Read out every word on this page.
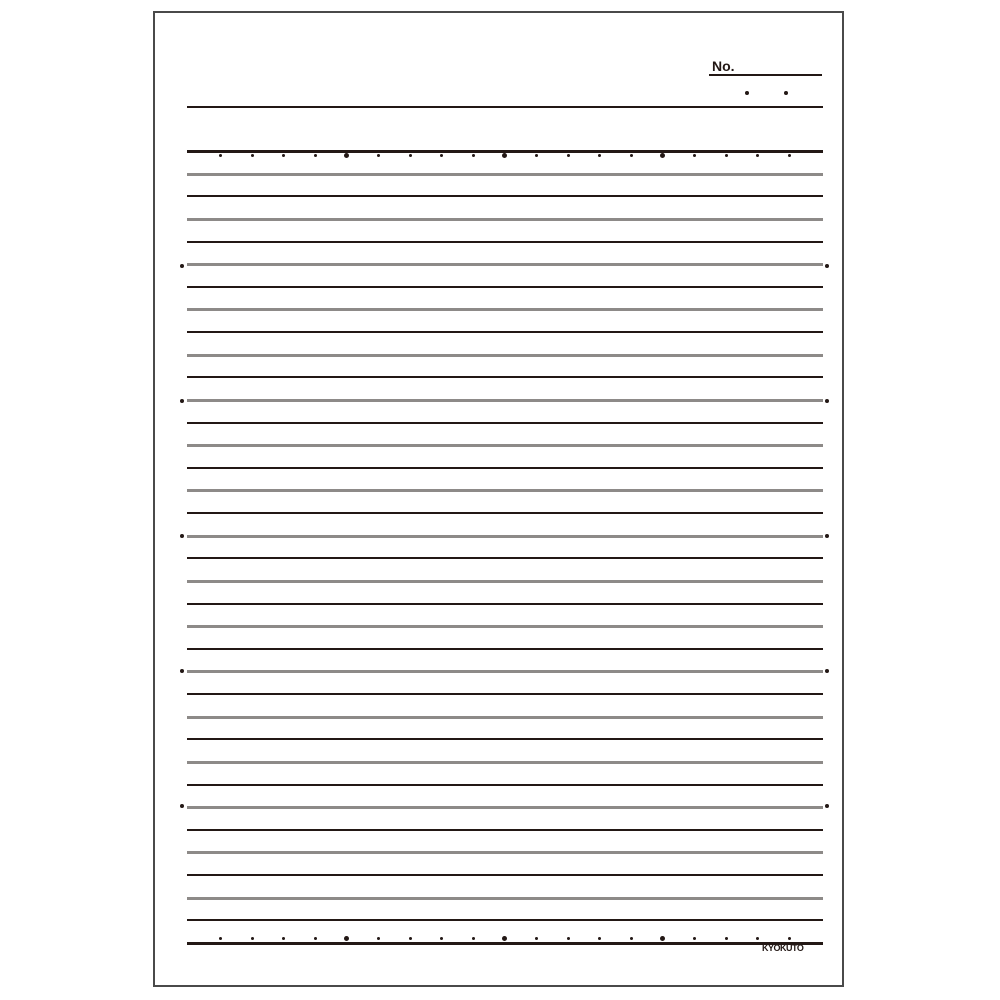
No.
KYOKUTO
